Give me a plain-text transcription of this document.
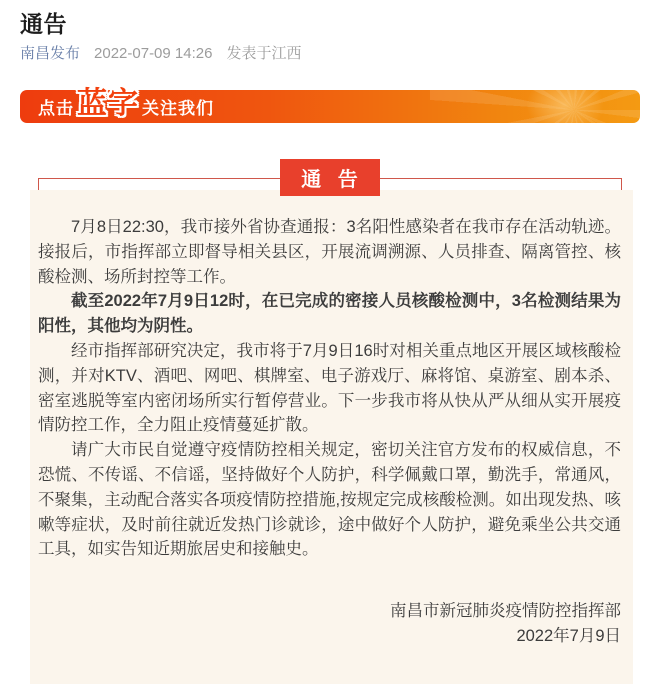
通告
南昌发布 2022-07-09 14:26 发表于江西
点击 蓝字 关注我们
通 告

7月8日22:30，我市接外省协查通报：3名阳性感染者在我市存在活动轨迹。接报后，市指挥部立即督导相关县区，开展流调溯源、人员排查、隔离管控、核酸检测、场所封控等工作。

截至2022年7月9日12时，在已完成的密接人员核酸检测中，3名检测结果为阳性，其他均为阴性。

经市指挥部研究决定，我市将于7月9日16时对相关重点地区开展区域核酸检测，并对KTV、酒吧、网吧、棋牌室、电子游戏厅、麻将馆、桌游室、剧本杀、密室逃脱等室内密闭场所实行暂停营业。下一步我市将从快从严从细从实开展疫情防控工作，全力阻止疫情蔓延扩散。

请广大市民自觉遵守疫情防控相关规定，密切关注官方发布的权威信息，不恐慌、不传谣、不信谣，坚持做好个人防护，科学佩戴口罩，勤洗手，常通风，不聚集，主动配合落实各项疫情防控措施,按规定完成核酸检测。如出现发热、咳嗽等症状，及时前往就近发热门诊就诊，途中做好个人防护，避免乘坐公共交通工具，如实告知近期旅居史和接触史。

南昌市新冠肺炎疫情防控指挥部
2022年7月9日
